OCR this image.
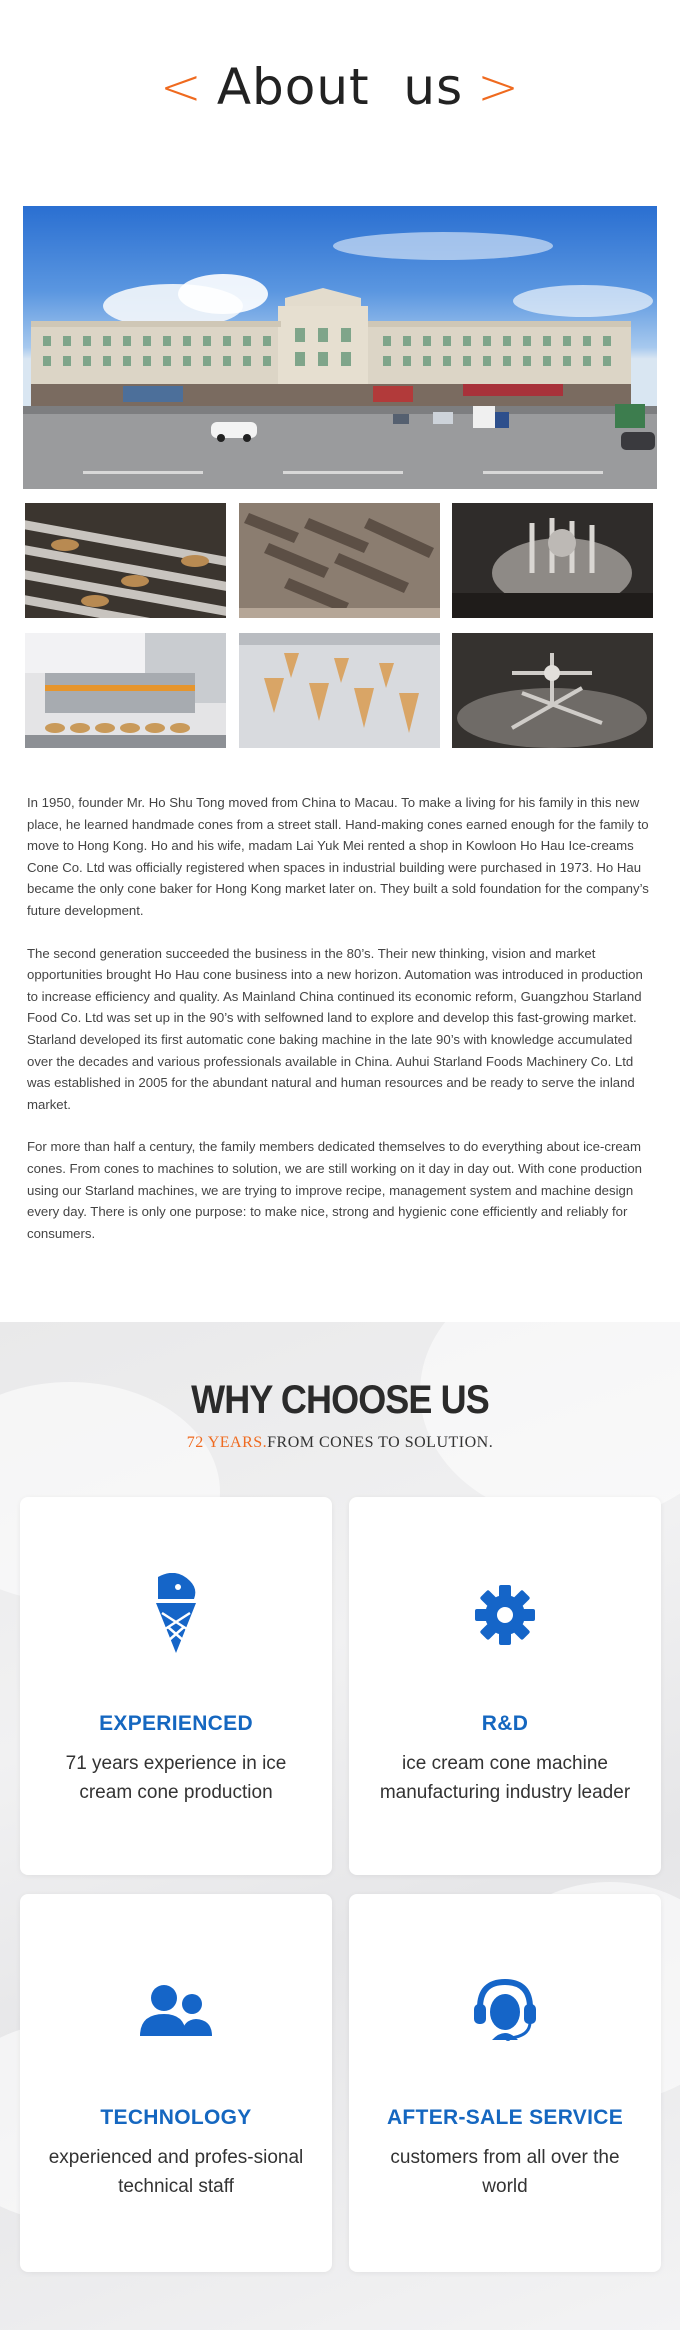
< About  us >

In 1950, founder Mr. Ho Shu Tong moved from China to Macau. To make a living for his family in this new place, he learned handmade cones from a street stall. Hand-making cones earned enough for the family to move to Hong Kong. Ho and his wife, madam Lai Yuk Mei rented a shop in Kowloon Ho Hau Ice-creams Cone Co. Ltd was officially registered when spaces in industrial building were purchased in 1973. Ho Hau became the only cone baker for Hong Kong market later on. They built a sold foundation for the company’s future development.

The second generation succeeded the business in the 80’s. Their new thinking, vision and market opportunities brought Ho Hau cone business into a new horizon. Automation was introduced in production to increase efficiency and quality. As Mainland China continued its economic reform, Guangzhou Starland Food Co. Ltd was set up in the 90’s with selfowned land to explore and develop this fast-growing market. Starland developed its first automatic cone baking machine in the late 90’s with knowledge accumulated over the decades and various professionals available in China. Auhui Starland Foods Machinery Co. Ltd was established in 2005 for the abundant natural and human resources and be ready to serve the inland market.

For more than half a century, the family members dedicated themselves to do everything about ice-cream cones. From cones to machines to solution, we are still working on it day in day out. With cone production using our Starland machines, we are trying to improve recipe, management system and machine design every day. There is only one purpose: to make nice, strong and hygienic cone efficiently and reliably for consumers.

WHY CHOOSE US
72 YEARS.FROM CONES TO SOLUTION.
EXPERIENCED
71 years experience in ice cream cone production
R&D
ice cream cone machine manufacturing industry leader
TECHNOLOGY
experienced and profes-sional technical staff
AFTER-SALE SERVICE
customers from all over the world
